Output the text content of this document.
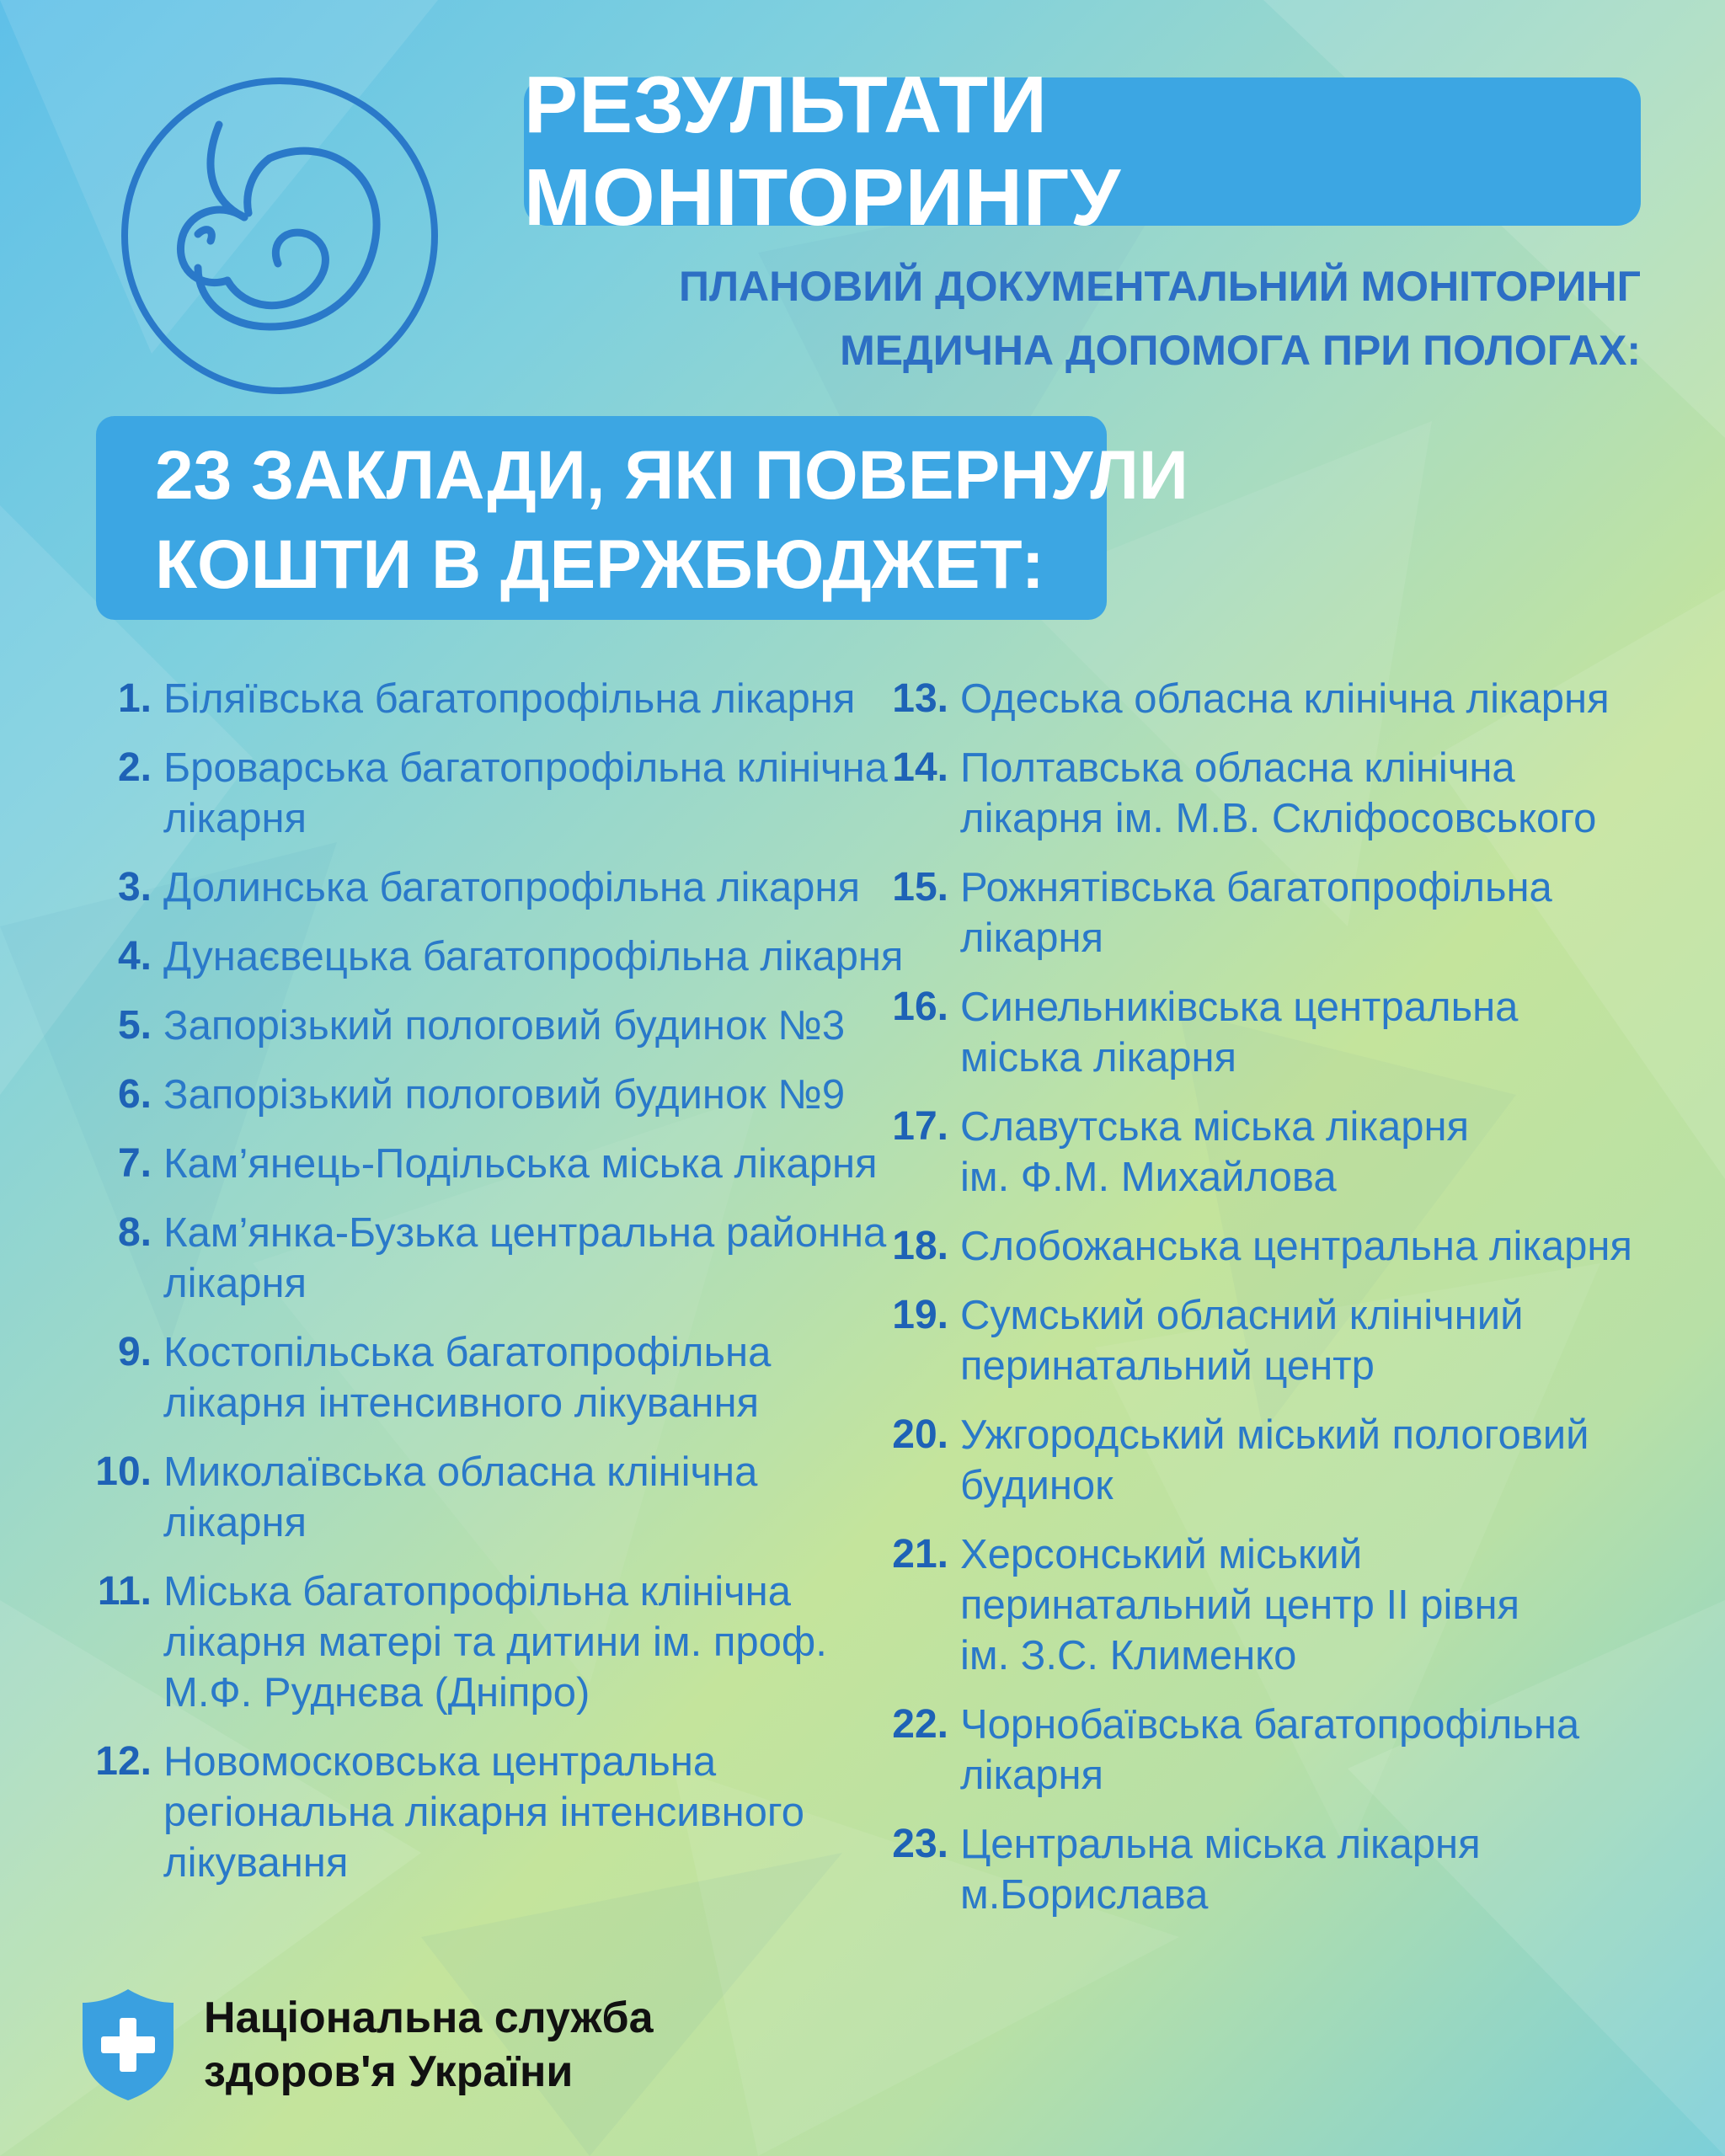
РЕЗУЛЬТАТИ МОНІТОРИНГУ
ПЛАНОВИЙ ДОКУМЕНТАЛЬНИЙ МОНІТОРИНГ
МЕДИЧНА ДОПОМОГА ПРИ ПОЛОГАХ:
23 ЗАКЛАДИ, ЯКІ ПОВЕРНУЛИ
КОШТИ В ДЕРЖБЮДЖЕТ:
1. Біляївська багатопрофільна лікарня
2. Броварська багатопрофільна клінічна
лікарня
3. Долинська багатопрофільна лікарня
4. Дунаєвецька багатопрофільна лікарня
5. Запорізький пологовий будинок №3
6. Запорізький пологовий будинок №9
7. Кам’янець-Подільська міська лікарня
8. Кам’янка-Бузька центральна районна
лікарня
9. Костопільська багатопрофільна
лікарня інтенсивного лікування
10. Миколаївська обласна клінічна
лікарня
11. Міська багатопрофільна клінічна
лікарня матері та дитини ім. проф.
М.Ф. Руднєва (Дніпро)
12. Новомосковська центральна
регіональна лікарня інтенсивного
лікування
13. Одеська обласна клінічна лікарня
14. Полтавська обласна клінічна
лікарня ім. М.В. Скліфосовського
15. Рожнятівська багатопрофільна
лікарня
16. Синельниківська центральна
міська лікарня
17. Славутська міська лікарня
ім. Ф.М. Михайлова
18. Слобожанська центральна лікарня
19. Сумський обласний клінічний
перинатальний центр
20. Ужгородський міський пологовий
будинок
21. Херсонський міський
перинатальний центр ІІ рівня
ім. З.С. Клименко
22. Чорнобаївська багатопрофільна
лікарня
23. Центральна міська лікарня
м.Борислава
Національна служба
здоров'я України
